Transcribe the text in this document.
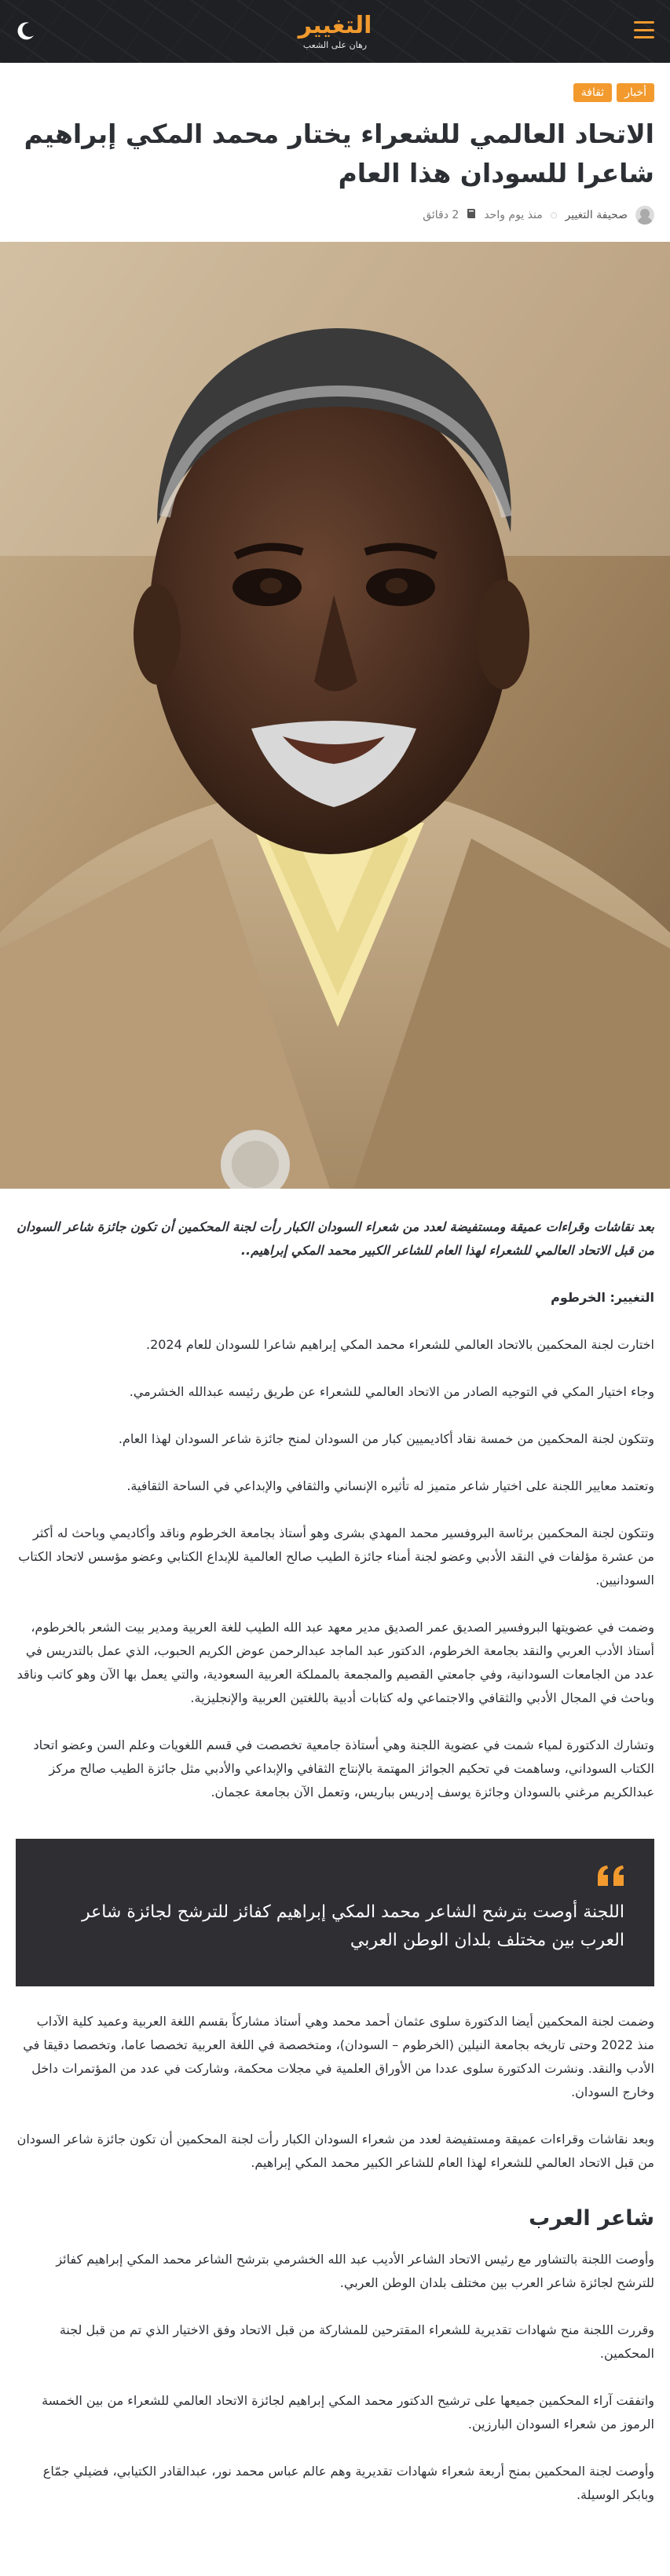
التغيير
رهان على الشعب
أخبار
ثقافة
الاتحاد العالمي للشعراء يختار محمد المكي إبراهيم شاعرا للسودان هذا العام
صحيفة التغيير
○
منذ يوم واحد
2 دقائق

بعد نقاشات وقراءات عميقة ومستفيضة لعدد من شعراء السودان الكبار رأت لجنة المحكمين أن تكون جائزة شاعر السودان من قبل الاتحاد العالمي للشعراء لهذا العام للشاعر الكبير محمد المكي إبراهيم..

التغيير: الخرطوم

اختارت لجنة المحكمين بالاتحاد العالمي للشعراء محمد المكي إبراهيم شاعرا للسودان للعام 2024.

وجاء اختيار المكي في التوجيه الصادر من الاتحاد العالمي للشعراء عن طريق رئيسه عبدالله الخشرمي.

وتتكون لجنة المحكمين من خمسة نقاد أكاديميين كبار من السودان لمنح جائزة شاعر السودان لهذا العام.

وتعتمد معايير اللجنة على اختيار شاعر متميز له تأثيره الإنساني والثقافي والإبداعي في الساحة الثقافية.

وتتكون لجنة المحكمين برئاسة البروفسير محمد المهدي بشرى وهو أستاذ بجامعة الخرطوم وناقد وأكاديمي وباحث له أكثر من عشرة مؤلفات في النقد الأدبي وعضو لجنة أمناء جائزة الطيب صالح العالمية للإبداع الكتابي وعضو مؤسس لاتحاد الكتاب السودانيين.

وضمت في عضويتها البروفسير الصديق عمر الصديق مدير معهد عبد الله الطيب للغة العربية ومدير بيت الشعر بالخرطوم، أستاذ الأدب العربي والنقد بجامعة الخرطوم، الدكتور عبد الماجد عبدالرحمن عوض الكريم الحبوب، الذي عمل بالتدريس في عدد من الجامعات السودانية، وفي جامعتي القصيم والمجمعة بالمملكة العربية السعودية، والتي يعمل بها الآن وهو كاتب وناقد وباحث في المجال الأدبي والثقافي والاجتماعي وله كتابات أدبية باللغتين العربية والإنجليزية.

وتشارك الدكتورة لمياء شمت في عضوية اللجنة وهي أستاذة جامعية تخصصت في قسم اللغويات وعلم السن وعضو اتحاد الكتاب السوداني، وساهمت في تحكيم الجوائز المهتمة بالإنتاج الثقافي والإبداعي والأدبي مثل جائزة الطيب صالح مركز عبدالكريم مرغني بالسودان وجائزة يوسف إدريس بباريس، وتعمل الآن بجامعة عجمان.

اللجنة أوصت بترشح الشاعر محمد المكي إبراهيم كفائز للترشح لجائزة شاعر العرب بين مختلف بلدان الوطن العربي

وضمت لجنة المحكمين أيضا الدكتورة سلوى عثمان أحمد محمد وهي أستاذ مشاركاً بقسم اللغة العربية وعميد كلية الآداب منذ 2022 وحتى تاريخه بجامعة النيلين (الخرطوم – السودان)، ومتخصصة في اللغة العربية تخصصا عاما، وتخصصا دقيقا في الأدب والنقد. ونشرت الدكتورة سلوى عددا من الأوراق العلمية في مجلات محكمة، وشاركت في عدد من المؤتمرات داخل وخارج السودان.

وبعد نقاشات وقراءات عميقة ومستفيضة لعدد من شعراء السودان الكبار رأت لجنة المحكمين أن تكون جائزة شاعر السودان من قبل الاتحاد العالمي للشعراء لهذا العام للشاعر الكبير محمد المكي إبراهيم.

شاعر العرب

وأوصت اللجنة بالتشاور مع رئيس الاتحاد الشاعر الأديب عبد الله الخشرمي بترشح الشاعر محمد المكي إبراهيم كفائز للترشح لجائزة شاعر العرب بين مختلف بلدان الوطن العربي.

وقررت اللجنة منح شهادات تقديرية للشعراء المقترحين للمشاركة من قبل الاتحاد وفق الاختيار الذي تم من قبل لجنة المحكمين.

واتفقت آراء المحكمين جميعها على ترشيح الدكتور محمد المكي إبراهيم لجائزة الاتحاد العالمي للشعراء من بين الخمسة الرموز من شعراء السودان البارزين.

وأوصت لجنة المحكمين بمنح أربعة شعراء شهادات تقديرية وهم عالم عباس محمد نور، عبدالقادر الكتيابي، فضيلي جمّاع وبابكر الوسيلة.
